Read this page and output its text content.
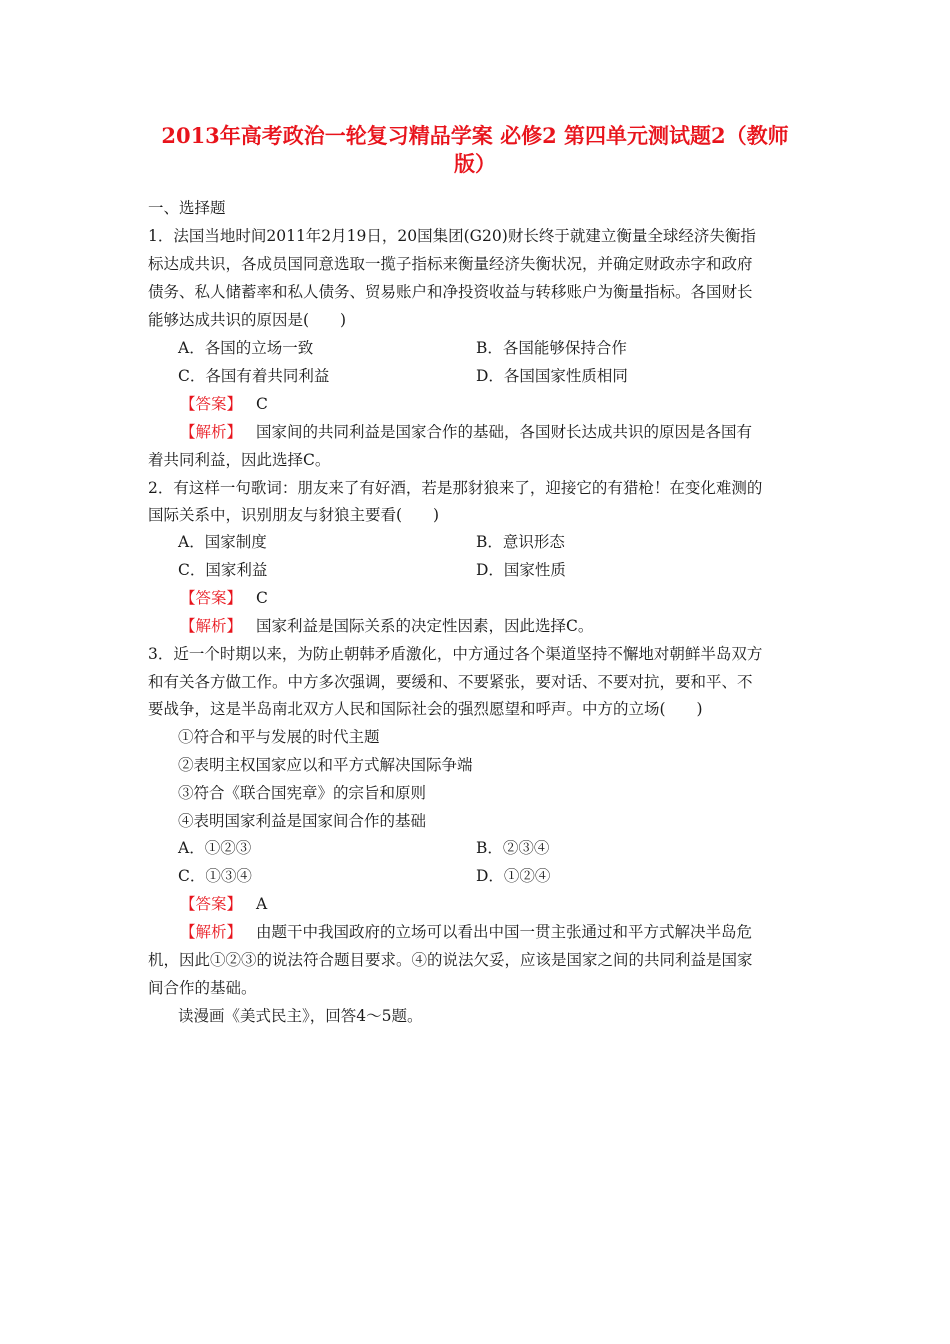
2013年高考政治一轮复习精品学案 必修2 第四单元测试题2（教师
版）
一、选择题
1．法国当地时间2011年2月19日，20国集团(G20)财长终于就建立衡量全球经济失衡指
标达成共识，各成员国同意选取一揽子指标来衡量经济失衡状况，并确定财政赤字和政府
债务、私人储蓄率和私人债务、贸易账户和净投资收益与转移账户为衡量指标。各国财长
能够达成共识的原因是(　　)
A．各国的立场一致	B．各国能够保持合作
C．各国有着共同利益	D．各国国家性质相同
【答案】 C
【解析】 国家间的共同利益是国家合作的基础，各国财长达成共识的原因是各国有
着共同利益，因此选择C。
2．有这样一句歌词：朋友来了有好酒，若是那豺狼来了，迎接它的有猎枪！在变化难测的
国际关系中，识别朋友与豺狼主要看(　　)
A．国家制度	B．意识形态
C．国家利益	D．国家性质
【答案】 C
【解析】 国家利益是国际关系的决定性因素，因此选择C。
3．近一个时期以来，为防止朝韩矛盾激化，中方通过各个渠道坚持不懈地对朝鲜半岛双方
和有关各方做工作。中方多次强调，要缓和、不要紧张，要对话、不要对抗，要和平、不
要战争，这是半岛南北双方人民和国际社会的强烈愿望和呼声。中方的立场(　　)
①符合和平与发展的时代主题
②表明主权国家应以和平方式解决国际争端
③符合《联合国宪章》的宗旨和原则
④表明国家利益是国家间合作的基础
A．①②③	B．②③④
C．①③④	D．①②④
【答案】 A
【解析】 由题干中我国政府的立场可以看出中国一贯主张通过和平方式解决半岛危
机，因此①②③的说法符合题目要求。④的说法欠妥，应该是国家之间的共同利益是国家
间合作的基础。
读漫画《美式民主》，回答4～5题。
